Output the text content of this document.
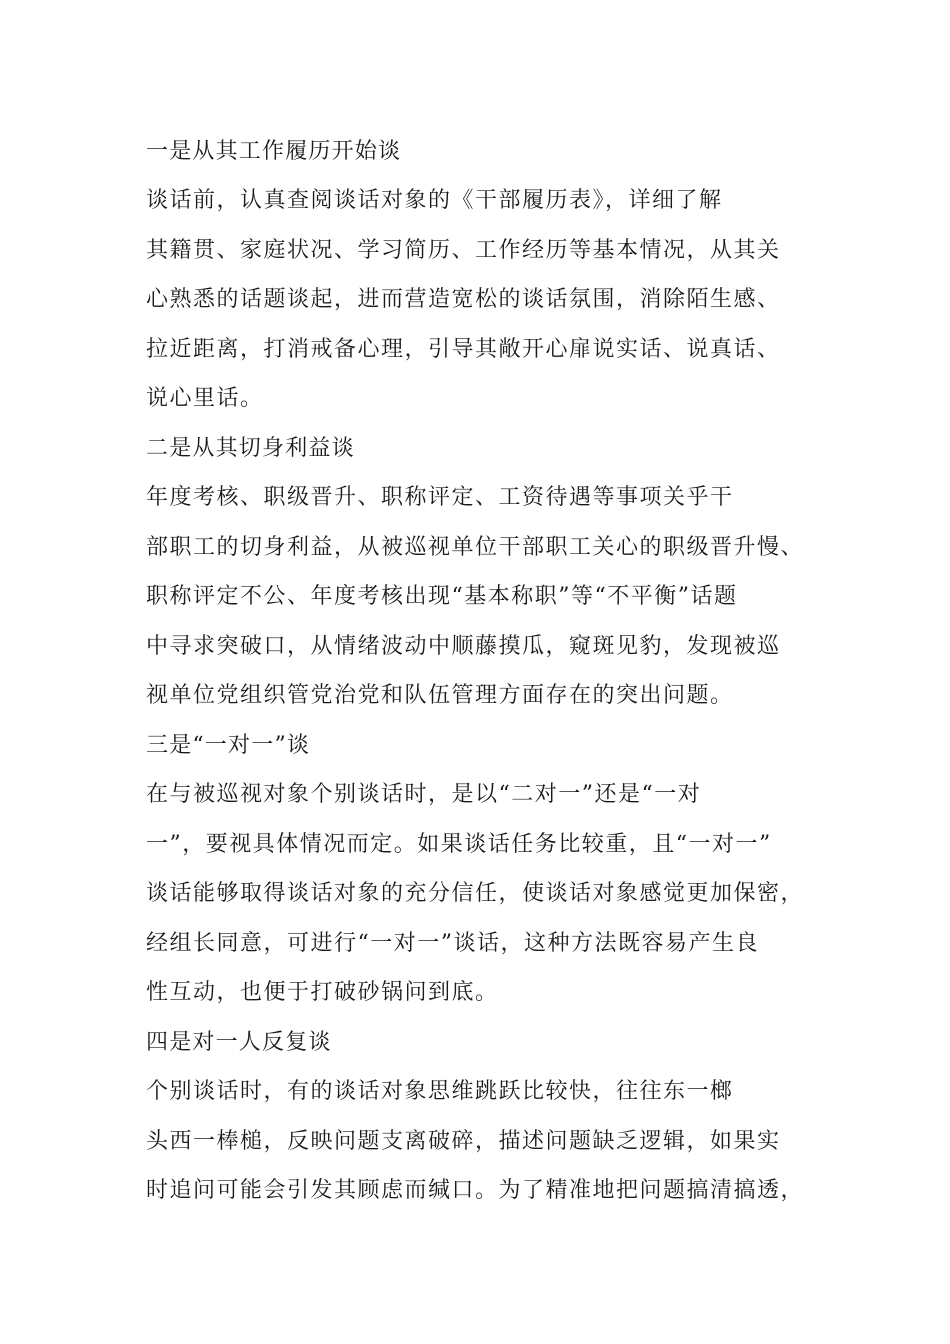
一是从其工作履历开始谈
谈话前，认真查阅谈话对象的《干部履历表》，详细了解
其籍贯、家庭状况、学习简历、工作经历等基本情况，从其关
心熟悉的话题谈起，进而营造宽松的谈话氛围，消除陌生感、
拉近距离，打消戒备心理，引导其敞开心扉说实话、说真话、
说心里话。
二是从其切身利益谈
年度考核、职级晋升、职称评定、工资待遇等事项关乎干
部职工的切身利益，从被巡视单位干部职工关心的职级晋升慢、
职称评定不公、年度考核出现“基本称职”等“不平衡”话题
中寻求突破口，从情绪波动中顺藤摸瓜，窥斑见豹，发现被巡
视单位党组织管党治党和队伍管理方面存在的突出问题。
三是“一对一”谈
在与被巡视对象个别谈话时，是以“二对一”还是“一对
一”，要视具体情况而定。如果谈话任务比较重，且“一对一”
谈话能够取得谈话对象的充分信任，使谈话对象感觉更加保密，
经组长同意，可进行“一对一”谈话，这种方法既容易产生良
性互动，也便于打破砂锅问到底。
四是对一人反复谈
个别谈话时，有的谈话对象思维跳跃比较快，往往东一榔
头西一棒槌，反映问题支离破碎，描述问题缺乏逻辑，如果实
时追问可能会引发其顾虑而缄口。为了精准地把问题搞清搞透，
